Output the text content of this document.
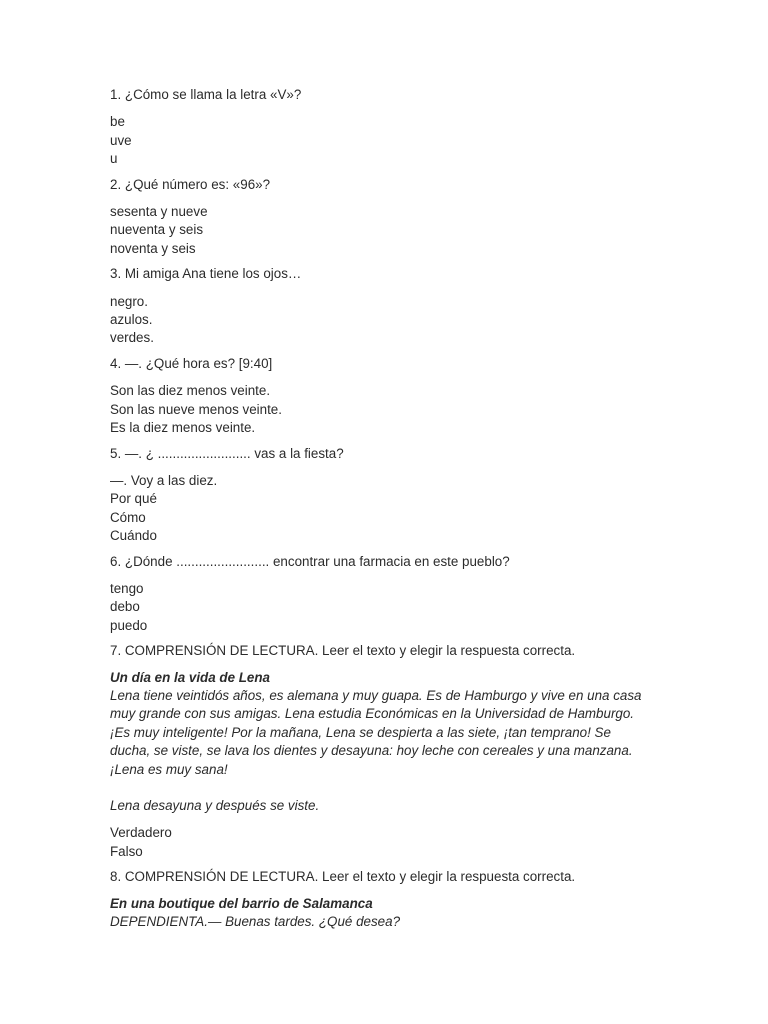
1. ¿Cómo se llama la letra «V»?

be
uve
u

2. ¿Qué número es: «96»?

sesenta y nueve
nueventa y seis
noventa y seis

3. Mi amiga Ana tiene los ojos…

negro.
azulos.
verdes.

4. —. ¿Qué hora es? [9:40]

Son las diez menos veinte.
Son las nueve menos veinte.
Es la diez menos veinte.

5. —. ¿ ......................... vas a la fiesta?

—. Voy a las diez.
Por qué
Cómo
Cuándo

6. ¿Dónde ......................... encontrar una farmacia en este pueblo?

tengo
debo
puedo

7. COMPRENSIÓN DE LECTURA. Leer el texto y elegir la respuesta correcta.

Un día en la vida de Lena
Lena tiene veintidós años, es alemana y muy guapa. Es de Hamburgo y vive en una casa
muy grande con sus amigas. Lena estudia Económicas en la Universidad de Hamburgo.
¡Es muy inteligente! Por la mañana, Lena se despierta a las siete, ¡tan temprano! Se
ducha, se viste, se lava los dientes y desayuna: hoy leche con cereales y una manzana.
¡Lena es muy sana!
Lena desayuna y después se viste.
Verdadero
Falso

8. COMPRENSIÓN DE LECTURA. Leer el texto y elegir la respuesta correcta.

En una boutique del barrio de Salamanca
DEPENDIENTA.— Buenas tardes. ¿Qué desea?
